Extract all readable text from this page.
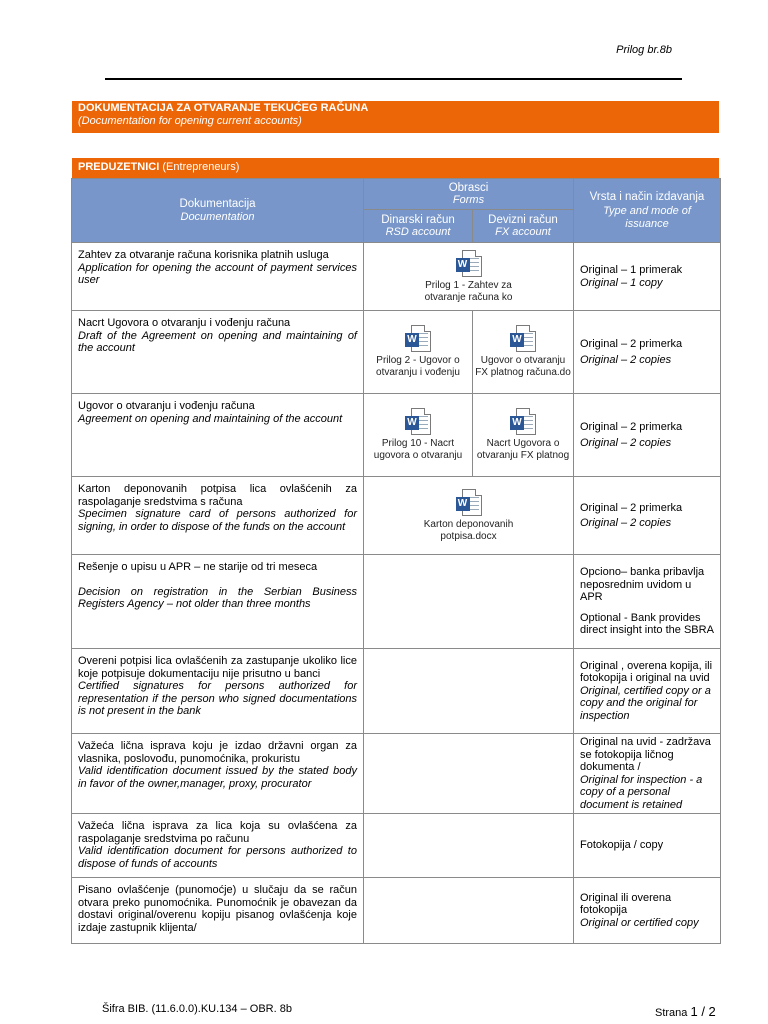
Prilog br.8b
DOKUMENTACIJA ZA OTVARANJE TEKUĆEG RAČUNA
(Documentation for opening current accounts)
PREDUZETNICI (Entrepreneurs)
Dokumentacija
Documentation	Obrasci
Forms		Vrsta i način izdavanja
Type and mode of issuance

	Dinarski račun
RSD account	Devizni račun
FX account	

Zahtev za otvaranje računa korisnika platnih usluga
Application for opening the account of payment services user	W
Prilog 1 - Zahtev za
otvaranje računa ko		Original – 1 primerak
Original – 1 copy

Nacrt Ugovora o otvaranju i vođenju računa
Draft of the Agreement on opening and maintaining of the account	W
Prilog 2 - Ugovor o
otvaranju i vođenju	W
Ugovor o otvaranju
FX platnog računa.do	Original – 2 primerka
Original – 2 copies

Ugovor o otvaranju i vođenju računa
Agreement on opening and maintaining of the account	W
Prilog 10 - Nacrt
ugovora o otvaranju	W
Nacrt Ugovora o
otvaranju FX platnog	Original – 2 primerka
Original – 2 copies

Karton deponovanih potpisa lica ovlašćenih za raspolaganje sredstvima s računa
Specimen signature card of persons authorized for signing, in order to dispose of the funds on the account	W
Karton deponovanih
potpisa.docx		Original – 2 primerka
Original – 2 copies

Rešenje o upisu u APR – ne starije od tri meseca
Decision on registration in the Serbian Business Registers Agency – not older than three months			Opciono– banka pribavlja neposrednim uvidom u APR
Optional - Bank provides direct insight into the SBRA

Overeni potpisi lica ovlašćenih za zastupanje ukoliko lice koje potpisuje dokumentaciju nije prisutno u banci
Certified signatures for persons authorized for representation if the person who signed documentations is not present in the bank			Original , overena kopija, ili fotokopija i original na uvid
Original, certified copy or a copy and the original for inspection

Važeća lična isprava koju je izdao državni organ za vlasnika, poslovođu, punomoćnika, prokuristu
Valid identification document issued by the stated body in favor of the owner,manager, proxy, procurator			Original na uvid - zadržava se fotokopija ličnog dokumenta /
Original for inspection - a copy of a personal document is retained

Važeća lična isprava za lica koja su ovlašćena za raspolaganje sredstvima po računu
Valid identification document for persons authorized to dispose of funds of accounts			Fotokopija / copy

Pisano ovlašćenje (punomoćje) u slučaju da se račun otvara preko punomoćnika. Punomoćnik je obavezan da dostavi original/overenu kopiju pisanog ovlašćenja koje izdaje zastupnik klijenta/			Original ili overena fotokopija
Original or certified copy
Šifra BIB. (11.6.0.0).KU.134 – OBR. 8b	Strana 1 / 2
